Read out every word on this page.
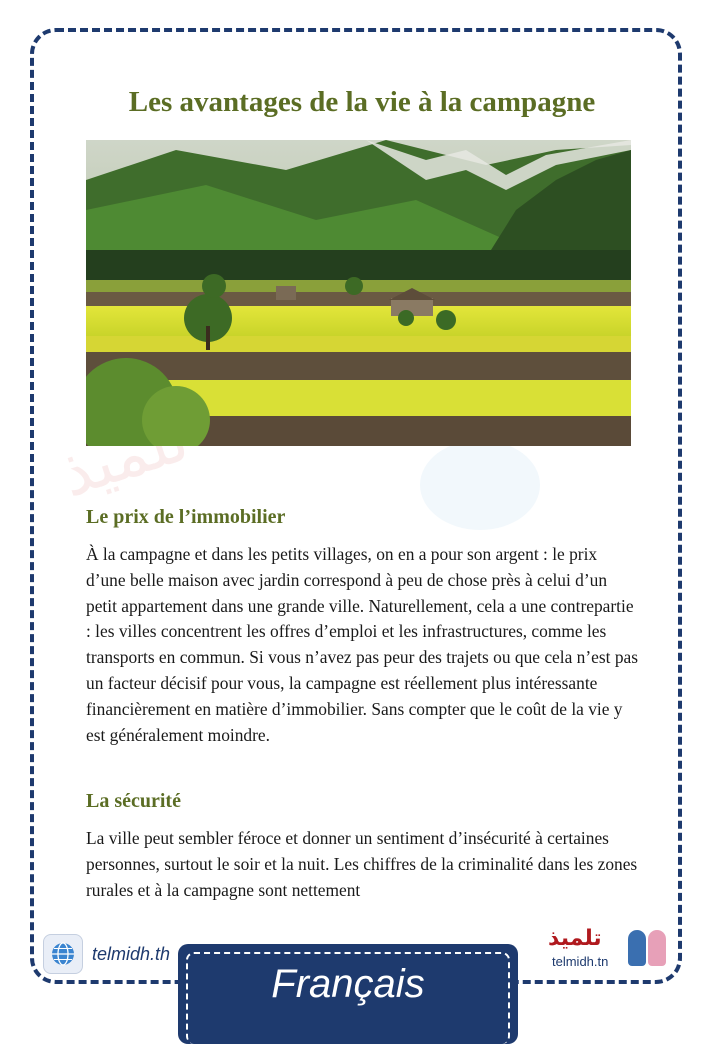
تلميذ
Les avantages de la vie à la campagne
Le prix de l’immobilier

À la campagne et dans les petits villages, on en a pour son argent : le prix d’une belle maison avec jardin correspond à peu de chose près à celui d’un petit appartement dans une grande ville. Naturellement, cela a une contrepartie : les villes concentrent les offres d’emploi et les infrastructures, comme les transports en commun. Si vous n’avez pas peur des trajets ou que cela n’est pas un facteur décisif pour vous, la campagne est réellement plus intéressante financièrement en matière d’immobilier. Sans compter que le coût de la vie y est généralement moindre.

La sécurité

La ville peut sembler féroce et donner un sentiment d’insécurité à certaines personnes, surtout le soir et la nuit. Les chiffres de la criminalité dans les zones rurales et à la campagne sont nettement

telmidh.th
تلميذ
telmidh.tn
Français
